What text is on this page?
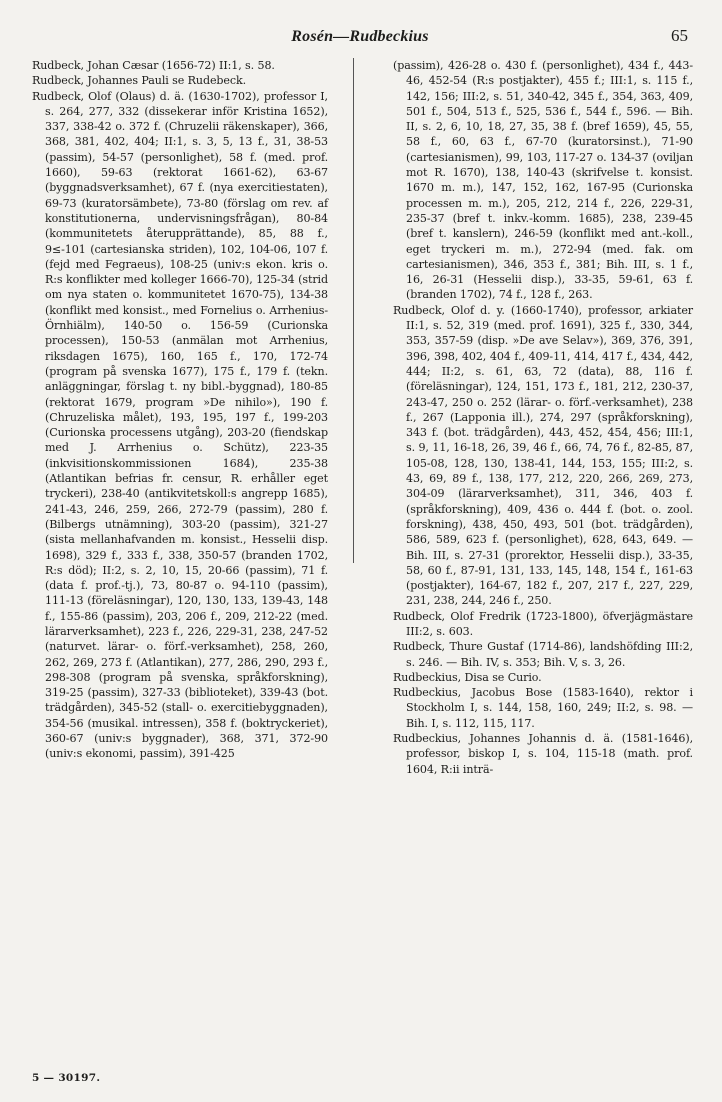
Rosén—Rudbeckius	65

Rudbeck, Johan Cæsar (1656-72) II:1, s. 58.

Rudbeck, Johannes Pauli se Rudebeck.

Rudbeck, Olof (Olaus) d. ä. (1630-1702), professor I, s. 264, 277, 332 (dissekerar inför Kristina 1652), 337, 338-42 o. 372 f. (Chruzelii räkenskaper), 366, 368, 381, 402, 404; II:1, s. 3, 5, 13 f., 31, 38-53 (passim), 54-57 (personlighet), 58 f. (med. prof. 1660), 59-63 (rektorat 1661-62), 63-67 (byggnadsverksamhet), 67 f. (nya exercitiestaten), 69-73 (kuratorsämbete), 73-80 (förslag om rev. af konstitutionerna, undervisningsfrågan), 80-84 (kommunitetets återupprättande), 85, 88 f., 9≤-101 (cartesianska striden), 102, 104-06, 107 f. (fejd med Fegraeus), 108-25 (univ:s ekon. kris o. R:s konflikter med kolleger 1666-70), 125-34 (strid om nya staten o. kommunitetet 1670-75), 134-38 (konflikt med konsist., med Fornelius o. Arrhenius-Örnhiälm), 140-50 o. 156-59 (Curionska processen), 150-53 (anmälan mot Arrhenius, riksdagen 1675), 160, 165 f., 170, 172-74 (program på svenska 1677), 175 f., 179 f. (tekn. anläggningar, förslag t. ny bibl.-byggnad), 180-85 (rektorat 1679, program »De nihilo»), 190 f. (Chruzeliska målet), 193, 195, 197 f., 199-203 (Curionska processens utgång), 203-20 (fiendskap med J. Arrhenius o. Schütz), 223-35 (inkvisitionskommissionen 1684), 235-38 (Atlantikan befrias fr. censur, R. erhåller eget tryckeri), 238-40 (antikvitetskoll:s angrepp 1685), 241-43, 246, 259, 266, 272-79 (passim), 280 f. (Bilbergs utnämning), 303-20 (passim), 321-27 (sista mellanhafvanden m. konsist., Hesselii disp. 1698), 329 f., 333 f., 338, 350-57 (branden 1702, R:s död); II:2, s. 2, 10, 15, 20-66 (passim), 71 f. (data f. prof.-tj.), 73, 80-87 o. 94-110 (passim), 111-13 (föreläsningar), 120, 130, 133, 139-43, 148 f., 155-86 (passim), 203, 206 f., 209, 212-22 (med. lärarverksamhet), 223 f., 226, 229-31, 238, 247-52 (naturvet. lärar- o. förf.-verksamhet), 258, 260, 262, 269, 273 f. (Atlantikan), 277, 286, 290, 293 f., 298-308 (program på svenska, språkforskning), 319-25 (passim), 327-33 (biblioteket), 339-43 (bot. trädgården), 345-52 (stall- o. exercitiebyggnaden), 354-56 (musikal. intressen), 358 f. (boktryckeriet), 360-67 (univ:s byggnader), 368, 371, 372-90 (univ:s ekonomi, passim), 391-425

(passim), 426-28 o. 430 f. (personlighet), 434 f., 443-46, 452-54 (R:s postjakter), 455 f.; III:1, s. 115 f., 142, 156; III:2, s. 51, 340-42, 345 f., 354, 363, 409, 501 f., 504, 513 f., 525, 536 f., 544 f., 596. — Bih. II, s. 2, 6, 10, 18, 27, 35, 38 f. (bref 1659), 45, 55, 58 f., 60, 63 f., 67-70 (kuratorsinst.), 71-90 (cartesianismen), 99, 103, 117-27 o. 134-37 (oviljan mot R. 1670), 138, 140-43 (skrifvelse t. konsist. 1670 m. m.), 147, 152, 162, 167-95 (Curionska processen m. m.), 205, 212, 214 f., 226, 229-31, 235-37 (bref t. inkv.-komm. 1685), 238, 239-45 (bref t. kanslern), 246-59 (konflikt med ant.-koll., eget tryckeri m. m.), 272-94 (med. fak. om cartesianismen), 346, 353 f., 381; Bih. III, s. 1 f., 16, 26-31 (Hesselii disp.), 33-35, 59-61, 63 f. (branden 1702), 74 f., 128 f., 263.

Rudbeck, Olof d. y. (1660-1740), professor, arkiater II:1, s. 52, 319 (med. prof. 1691), 325 f., 330, 344, 353, 357-59 (disp. »De ave Selav»), 369, 376, 391, 396, 398, 402, 404 f., 409-11, 414, 417 f., 434, 442, 444; II:2, s. 61, 63, 72 (data), 88, 116 f. (föreläsningar), 124, 151, 173 f., 181, 212, 230-37, 243-47, 250 o. 252 (lärar- o. förf.-verksamhet), 238 f., 267 (Lapponia ill.), 274, 297 (språkforskning), 343 f. (bot. trädgården), 443, 452, 454, 456; III:1, s. 9, 11, 16-18, 26, 39, 46 f., 66, 74, 76 f., 82-85, 87, 105-08, 128, 130, 138-41, 144, 153, 155; III:2, s. 43, 69, 89 f., 138, 177, 212, 220, 266, 269, 273, 304-09 (lärarverksamhet), 311, 346, 403 f. (språkforskning), 409, 436 o. 444 f. (bot. o. zool. forskning), 438, 450, 493, 501 (bot. trädgården), 586, 589, 623 f. (personlighet), 628, 643, 649. — Bih. III, s. 27-31 (prorektor, Hesselii disp.), 33-35, 58, 60 f., 87-91, 131, 133, 145, 148, 154 f., 161-63 (postjakter), 164-67, 182 f., 207, 217 f., 227, 229, 231, 238, 244, 246 f., 250.

Rudbeck, Olof Fredrik (1723-1800), öfverjägmästare III:2, s. 603.

Rudbeck, Thure Gustaf (1714-86), landshöfding III:2, s. 246. — Bih. IV, s. 353; Bih. V, s. 3, 26.

Rudbeckius, Disa se Curio.

Rudbeckius, Jacobus Bose (1583-1640), rektor i Stockholm I, s. 144, 158, 160, 249; II:2, s. 98. — Bih. I, s. 112, 115, 117.

Rudbeckius, Johannes Johannis d. ä. (1581-1646), professor, biskop I, s. 104, 115-18 (math. prof. 1604, R:ii inträ-

5 — 30197.
